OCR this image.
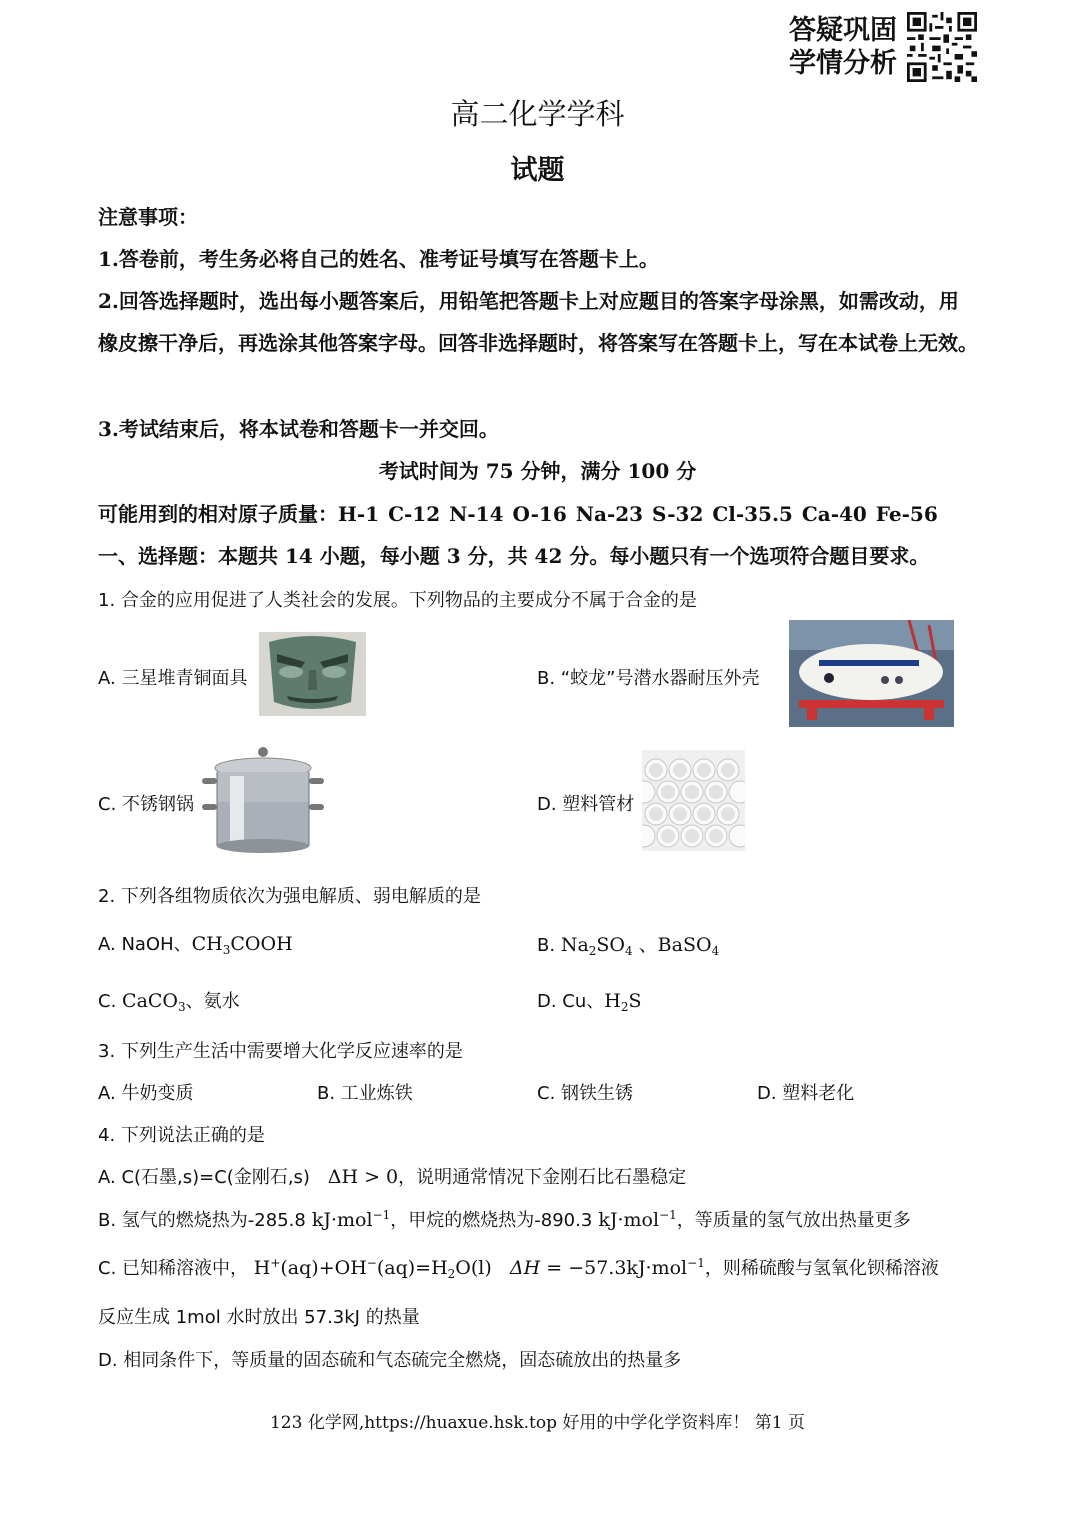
答疑巩固
学情分析
高二化学学科
试题
注意事项：
1.答卷前，考生务必将自己的姓名、准考证号填写在答题卡上。
2.回答选择题时，选出每小题答案后，用铅笔把答题卡上对应题目的答案字母涂黑，如需改动，用橡皮擦干净后，再选涂其他答案字母。回答非选择题时，将答案写在答题卡上，写在本试卷上无效。
3.考试结束后，将本试卷和答题卡一并交回。
考试时间为 75 分钟，满分 100 分
可能用到的相对原子质量：H-1 C-12 N-14 O-16 Na-23 S-32 Cl-35.5 Ca-40 Fe-56
一、选择题：本题共 14 小题，每小题 3 分，共 42 分。每小题只有一个选项符合题目要求。
1. 合金的应用促进了人类社会的发展。下列物品的主要成分不属于合金的是
A. 三星堆青铜面具	B. “蛟龙”号潜水器耐压外壳
C. 不锈钢锅	D. 塑料管材
2. 下列各组物质依次为强电解质、弱电解质的是
A. NaOH、$CH_3COOH$	B. $Na_2SO_4$ 、BaSO$_4$
C. CaCO$_3$、氨水	D. Cu、$H_2S$
3. 下列生产生活中需要增大化学反应速率的是
A. 牛奶变质	B. 工业炼铁	C. 钢铁生锈	D. 塑料老化
4. 下列说法正确的是
A. C(石墨,s)=C(金刚石,s)   ΔH > 0，说明通常情况下金刚石比石墨稳定
B. 氢气的燃烧热为-285.8 kJ·mol$^{-1}$，甲烷的燃烧热为-890.3 kJ·mol$^{-1}$，等质量的氢气放出热量更多
C. 已知稀溶液中， $H^+(aq)+OH^-(aq)=H_2O(l) \Delta H = -57.3kJ\cdot mol^{-1}$，则稀硫酸与氢氧化钡稀溶液
反应生成 1mol 水时放出 57.3kJ 的热量
D. 相同条件下，等质量的固态硫和气态硫完全燃烧，固态硫放出的热量多
123 化学网,https://huaxue.hsk.top 好用的中学化学资料库！ 第1 页
